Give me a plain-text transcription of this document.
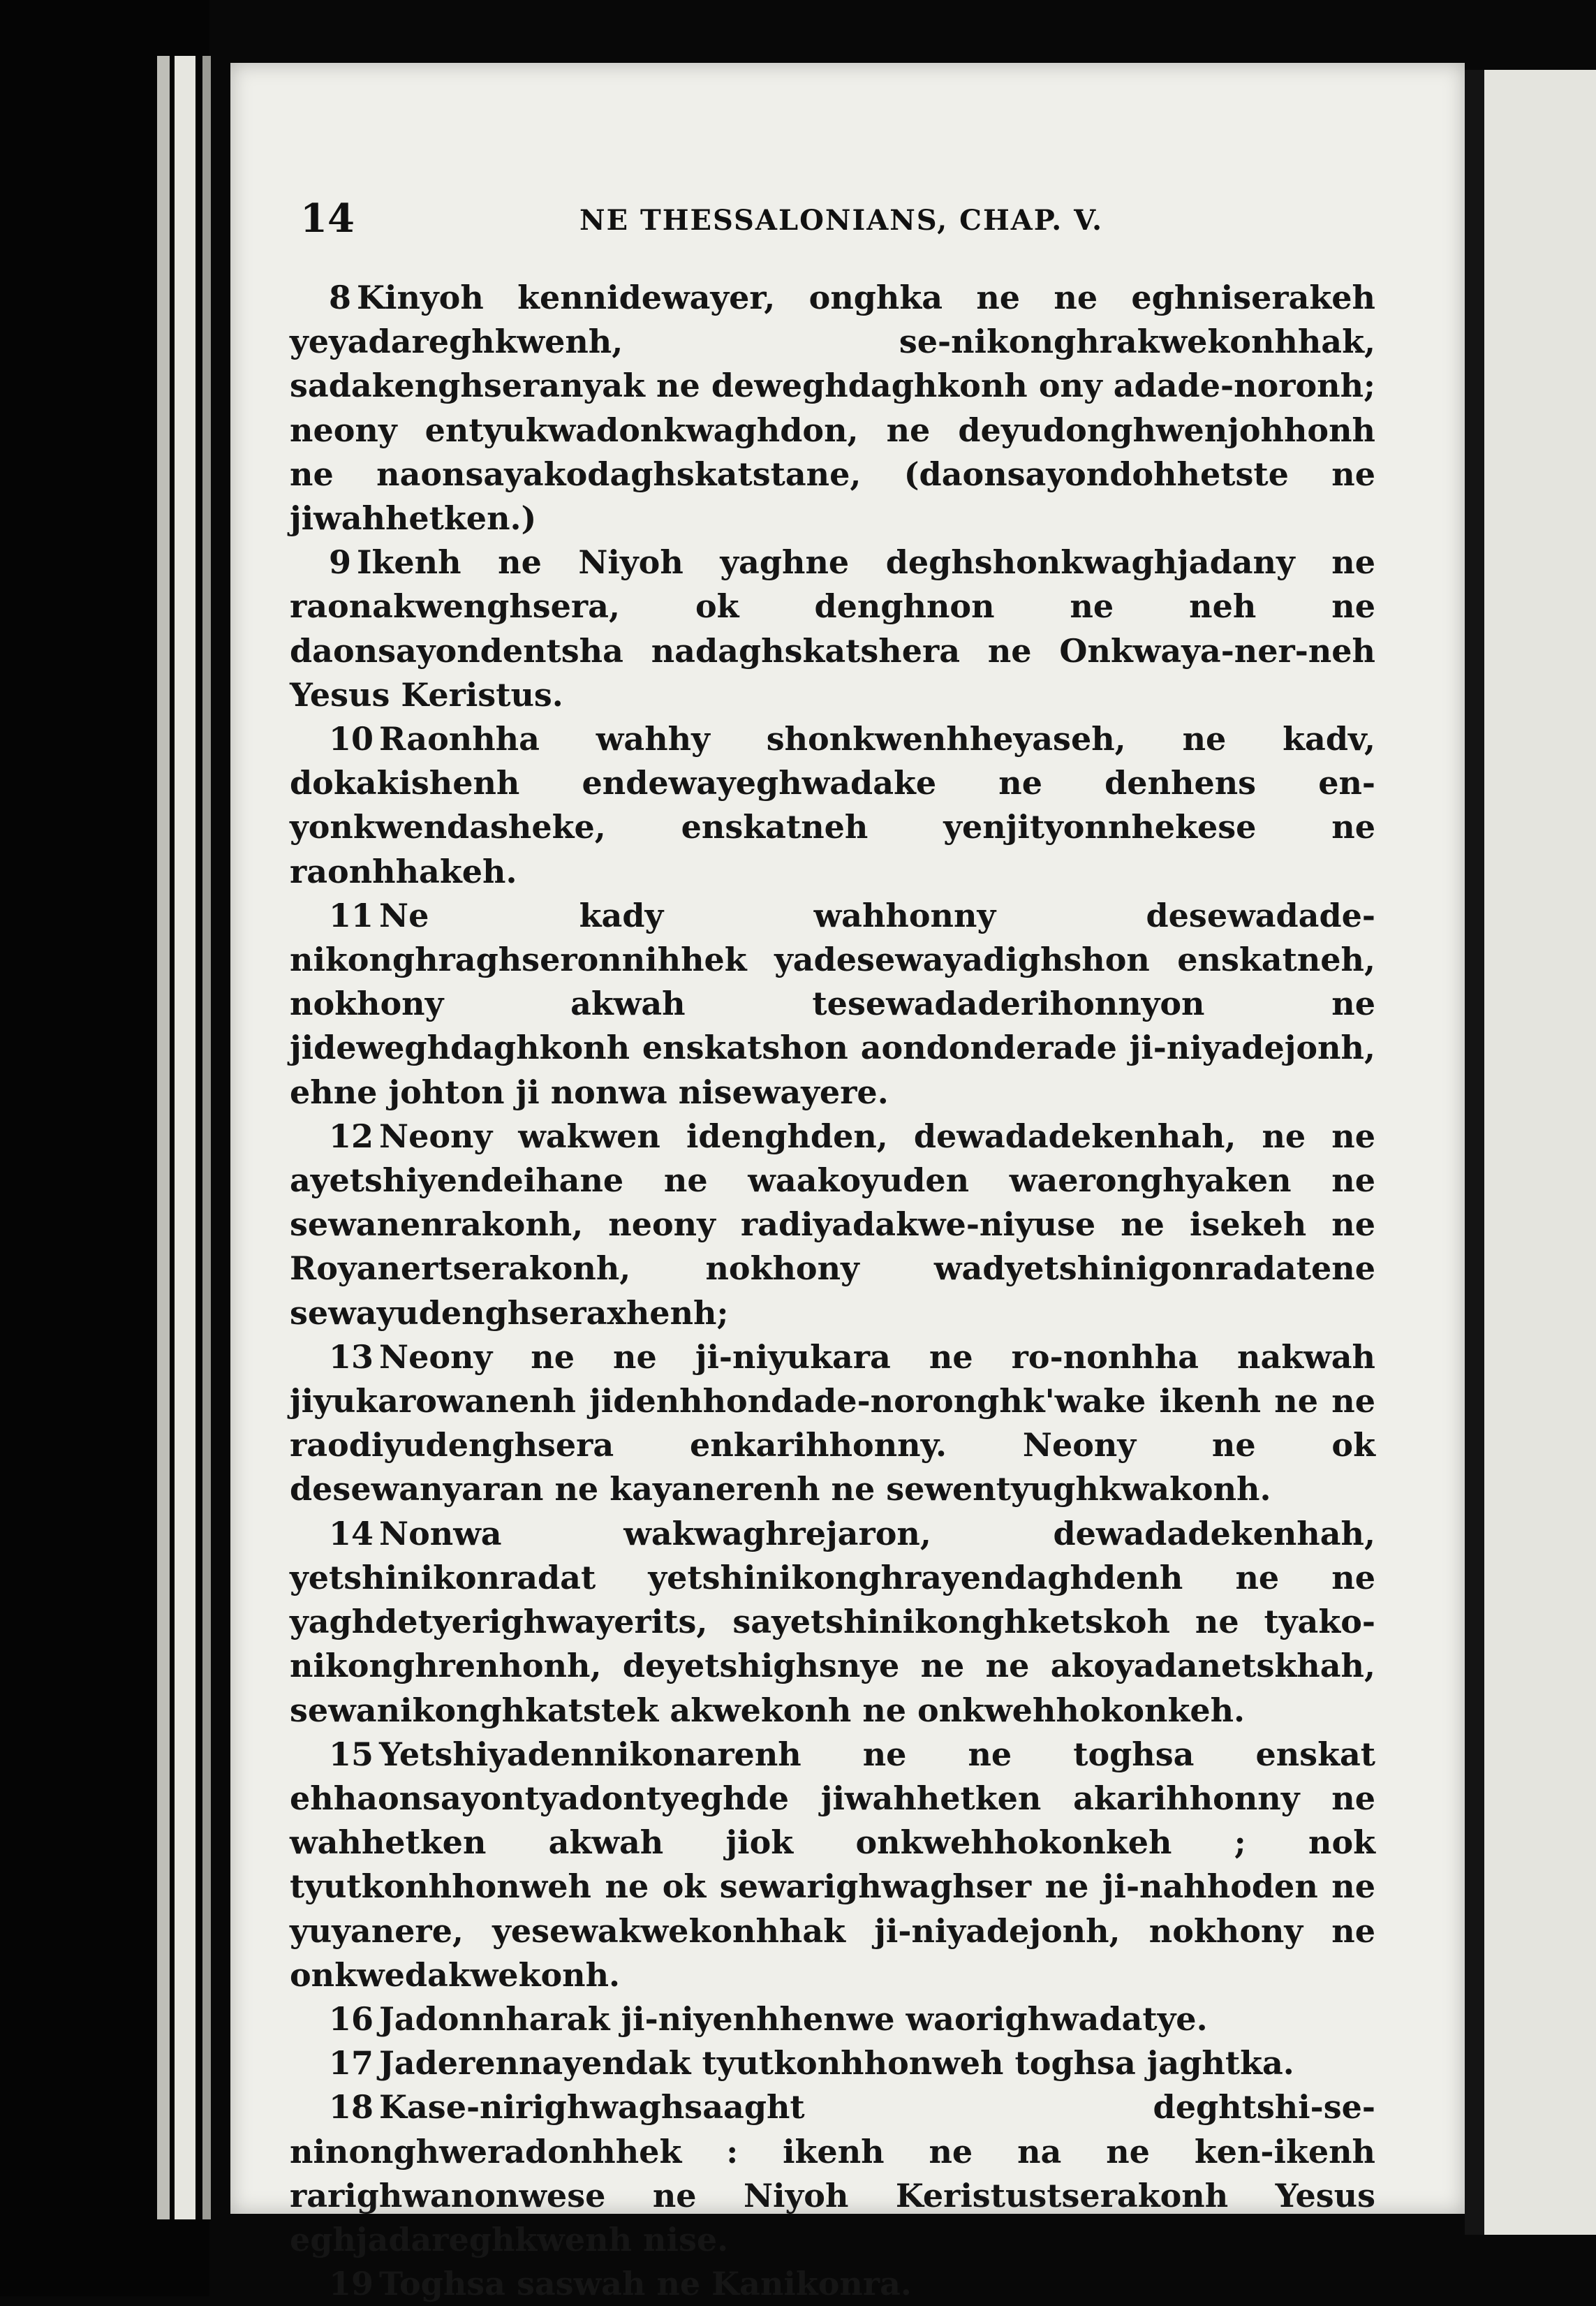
14	NE THESSALONIANS, CHAP. V.

8 Kinyoh kennidewayer, onghka ne ne eghniserakeh yeyadareghkwenh, se-nikonghrakwekonhhak, sadakenghseranyak ne deweghdaghkonh ony adade-noronh; neony entyukwadonkwaghdon, ne deyudonghwenjohhonh ne naonsayakodaghskatstane, (daonsayondohhetste ne jiwahhetken.)

9 Ikenh ne Niyoh yaghne deghshonkwaghjadany ne raonakwenghsera, ok denghnon ne neh ne daonsayondentsha nadaghskatshera ne Onkwaya-ner-neh Yesus Keristus.

10 Raonhha wahhy shonkwenhheyaseh, ne kadv, dokakishenh endewayeghwadake ne denhens en-yonkwendasheke, enskatneh yenjityonnhekese ne raonhhakeh.

11 Ne kady wahhonny desewadade-nikonghraghseronnihhek yadesewayadighshon enskatneh, nokhony akwah tesewadaderihonnyon ne jideweghdaghkonh enskatshon aondonderade ji-niyadejonh, ehne johton ji nonwa nisewayere.

12 Neony wakwen idenghden, dewadadekenhah, ne ne ayetshiyendeihane ne waakoyuden waeronghyaken ne sewanenrakonh, neony radiyadakwe-niyuse ne isekeh ne Royanertserakonh, nokhony wadyetshinigonradatene sewayudenghseraxhenh;

13 Neony ne ne ji-niyukara ne ro-nonhha nakwah jiyukarowanenh jidenhhondade-noronghk'wake ikenh ne ne raodiyudenghsera enkarihhonny. Neony ne ok desewanyaran ne kayanerenh ne sewentyughkwakonh.

14 Nonwa wakwaghrejaron, dewadadekenhah, yetshinikonradat yetshinikonghrayendaghdenh ne ne yaghdetyerighwayerits, sayetshinikonghketskoh ne tyako-nikonghrenhonh, deyetshighsnye ne ne akoyadanetskhah, sewanikonghkatstek akwekonh ne onkwehhokonkeh.

15 Yetshiyadennikonarenh ne ne toghsa enskat ehhaonsayontyadontyeghde jiwahhetken akarihhonny ne wahhetken akwah jiok onkwehhokonkeh ; nok tyutkonhhonweh ne ok sewarighwaghser ne ji-nahhoden ne yuyanere, yesewakwekonhhak ji-niyadejonh, nokhony ne onkwedakwekonh.

16 Jadonnharak ji-niyenhhenwe waorighwadatye.

17 Jaderennayendak tyutkonhhonweh toghsa jaghtka.

18 Kase-nirighwaghsaaght deghtshi-se-ninonghweradonhhek : ikenh ne na ne ken-ikenh rarighwanonwese ne Niyoh Keristustserakonh Yesus eghjadareghkwenh nise.

19 Toghsa saswah ne Kanikonra.
